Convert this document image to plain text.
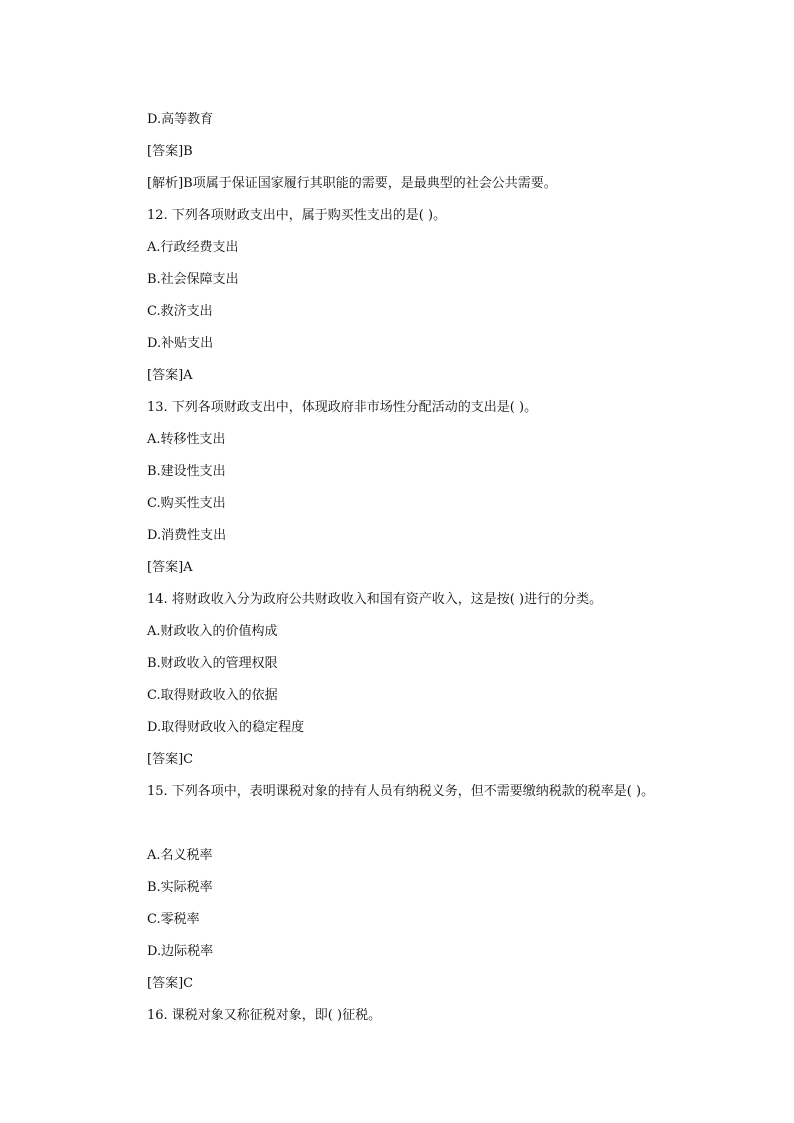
D.高等教育
[答案]B
[解析]B项属于保证国家履行其职能的需要，是最典型的社会公共需要。
12. 下列各项财政支出中，属于购买性支出的是( )。
A.行政经费支出
B.社会保障支出
C.救济支出
D.补贴支出
[答案]A
13. 下列各项财政支出中，体现政府非市场性分配活动的支出是( )。
A.转移性支出
B.建设性支出
C.购买性支出
D.消费性支出
[答案]A
14. 将财政收入分为政府公共财政收入和国有资产收入，这是按( )进行的分类。
A.财政收入的价值构成
B.财政收入的管理权限
C.取得财政收入的依据
D.取得财政收入的稳定程度
[答案]C
15. 下列各项中，表明课税对象的持有人员有纳税义务，但不需要缴纳税款的税率是( )。
A.名义税率
B.实际税率
C.零税率
D.边际税率
[答案]C
16. 课税对象又称征税对象，即( )征税。
